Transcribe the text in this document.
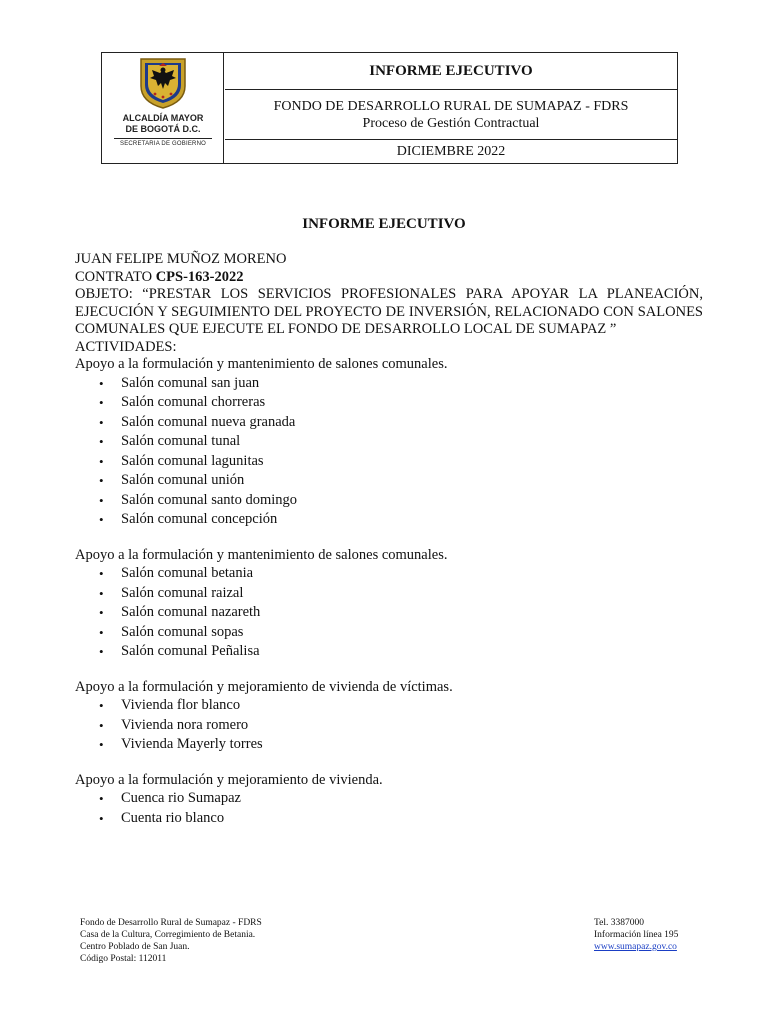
ALCALDÍA MAYOR
DE BOGOTÁ D.C.
SECRETARIA DE GOBIERNO
INFORME EJECUTIVO
FONDO DE DESARROLLO RURAL DE SUMAPAZ - FDRS
Proceso de Gestión Contractual
DICIEMBRE 2022
INFORME EJECUTIVO

JUAN FELIPE MUÑOZ MORENO

CONTRATO CPS-163-2022

OBJETO: “PRESTAR LOS SERVICIOS PROFESIONALES PARA APOYAR LA PLANEACIÓN, EJECUCIÓN Y SEGUIMIENTO DEL PROYECTO DE INVERSIÓN, RELACIONADO CON SALONES COMUNALES QUE EJECUTE EL FONDO DE DESARROLLO LOCAL DE SUMAPAZ ”

ACTIVIDADES:

Apoyo a la formulación y mantenimiento de salones comunales.

• Salón comunal san juan
• Salón comunal chorreras
• Salón comunal nueva granada
• Salón comunal tunal
• Salón comunal lagunitas
• Salón comunal unión
• Salón comunal santo domingo
• Salón comunal concepción

Apoyo a la formulación y mantenimiento de salones comunales.

• Salón comunal betania
• Salón comunal raizal
• Salón comunal nazareth
• Salón comunal sopas
• Salón comunal Peñalisa

Apoyo a la formulación y mejoramiento de vivienda de víctimas.

• Vivienda flor blanco
• Vivienda nora romero
• Vivienda Mayerly torres

Apoyo a la formulación y mejoramiento de vivienda.

• Cuenca rio Sumapaz
• Cuenta rio blanco
Fondo de Desarrollo Rural de Sumapaz - FDRS
Casa de la Cultura, Corregimiento de Betania.
Centro Poblado de San Juan.
Código Postal: 112011
Tel. 3387000
Información línea 195
www.sumapaz.gov.co
